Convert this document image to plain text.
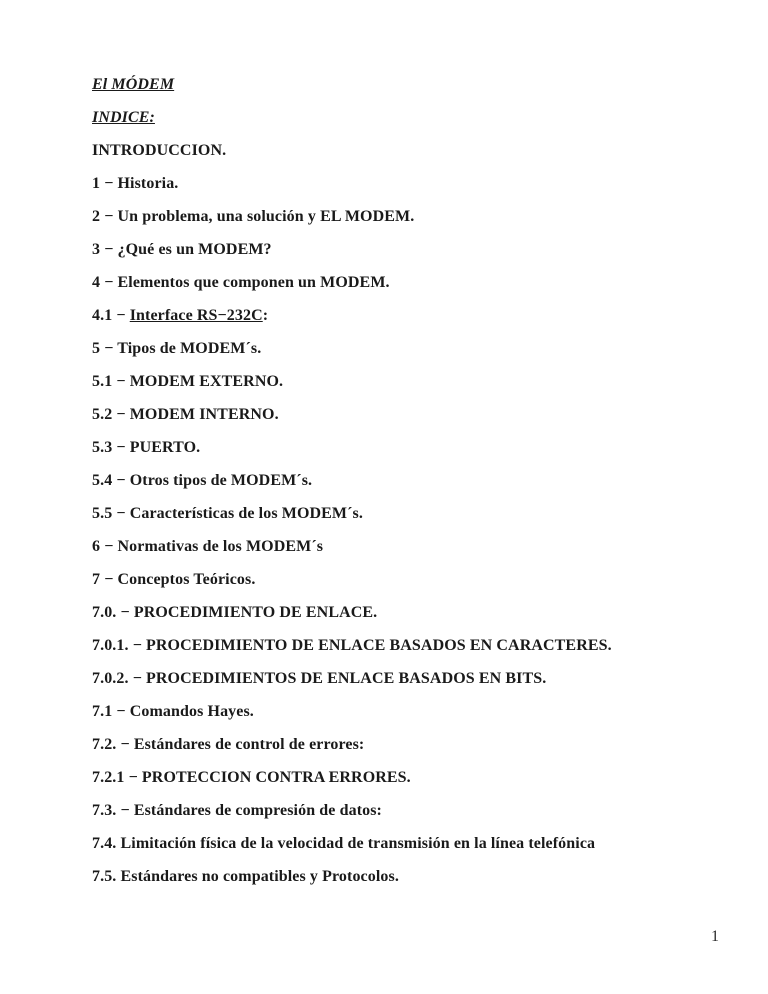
El MÓDEM

INDICE:

INTRODUCCION.

1 − Historia.

2 − Un problema, una solución y EL MODEM.

3 − ¿Qué es un MODEM?

4 − Elementos que componen un MODEM.

4.1 − Interface RS−232C:

5 − Tipos de MODEM´s.

5.1 − MODEM EXTERNO.

5.2 − MODEM INTERNO.

5.3 − PUERTO.

5.4 − Otros tipos de MODEM´s.

5.5 − Características de los MODEM´s.

6 − Normativas de los MODEM´s

7 − Conceptos Teóricos.

7.0. − PROCEDIMIENTO DE ENLACE.

7.0.1. − PROCEDIMIENTO DE ENLACE BASADOS EN CARACTERES.

7.0.2. − PROCEDIMIENTOS DE ENLACE BASADOS EN BITS.

7.1 − Comandos Hayes.

7.2. − Estándares de control de errores:

7.2.1 − PROTECCION CONTRA ERRORES.

7.3. − Estándares de compresión de datos:

7.4. Limitación física de la velocidad de transmisión en la línea telefónica

7.5. Estándares no compatibles y Protocolos.

1
